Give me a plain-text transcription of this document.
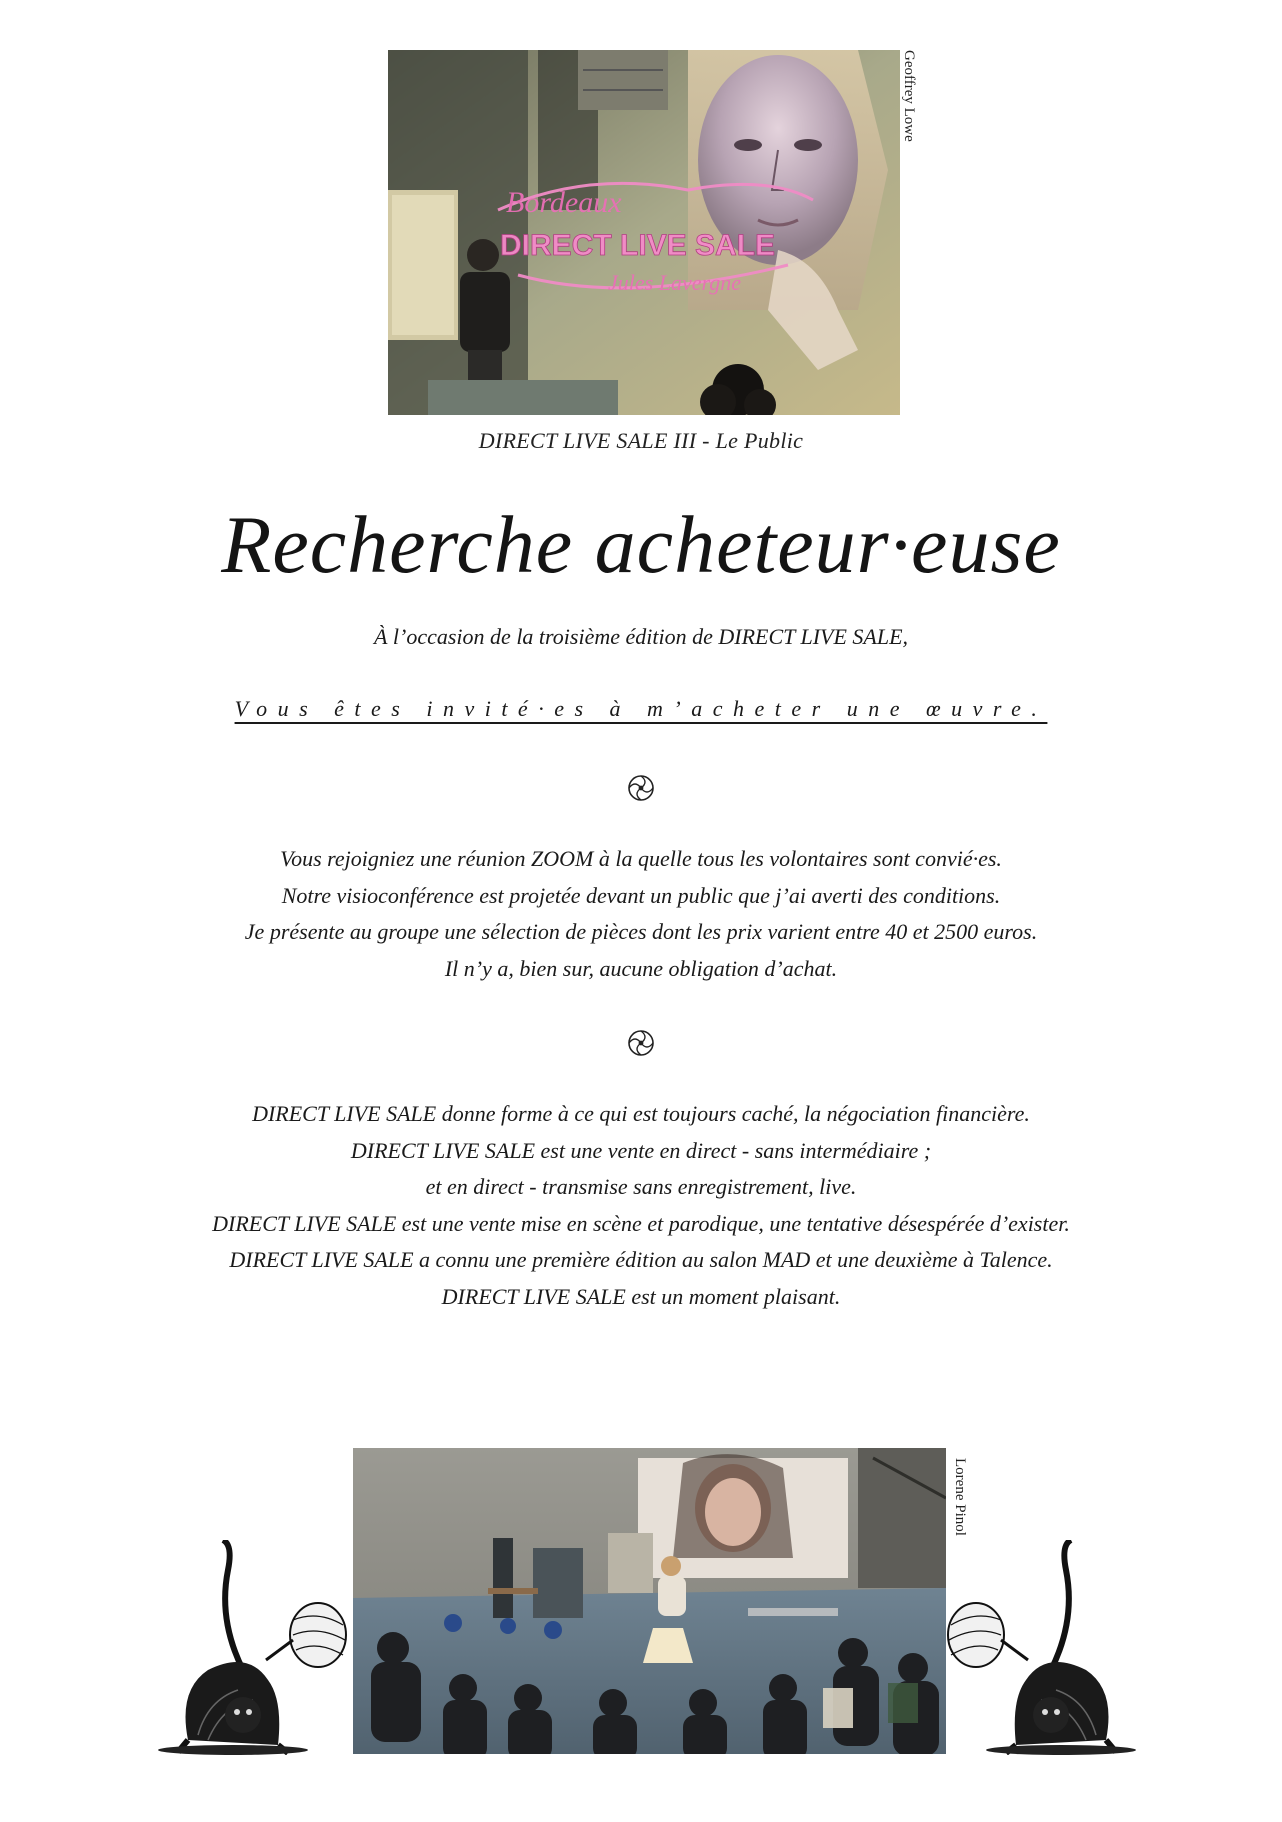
Bordeaux
DIRECT LIVE SALE
Jules Lavergne
Geoffrey Lowe
DIRECT LIVE SALE III - Le Public
Recherche acheteur·euse
À l’occasion de la troisième édition de DIRECT LIVE SALE,
Vous êtes invité·es à m’acheter une œuvre.
Vous rejoigniez une réunion ZOOM à la quelle tous les volontaires sont convié·es.
Notre visioconférence est projetée devant un public que j’ai averti des conditions.
Je présente au groupe une sélection de pièces dont les prix varient entre 40 et 2500 euros.
Il n’y a, bien sur, aucune obligation d’achat.
DIRECT LIVE SALE donne forme à ce qui est toujours caché, la négociation financière.
DIRECT LIVE SALE est une vente en direct - sans intermédiaire ;
et en direct - transmise sans enregistrement, live.
DIRECT LIVE SALE est une vente mise en scène et parodique, une tentative désespérée d’exister.
DIRECT LIVE SALE a connu une première édition au salon MAD et une deuxième à Talence.
DIRECT LIVE SALE est un moment plaisant.
Lorene Pinol
